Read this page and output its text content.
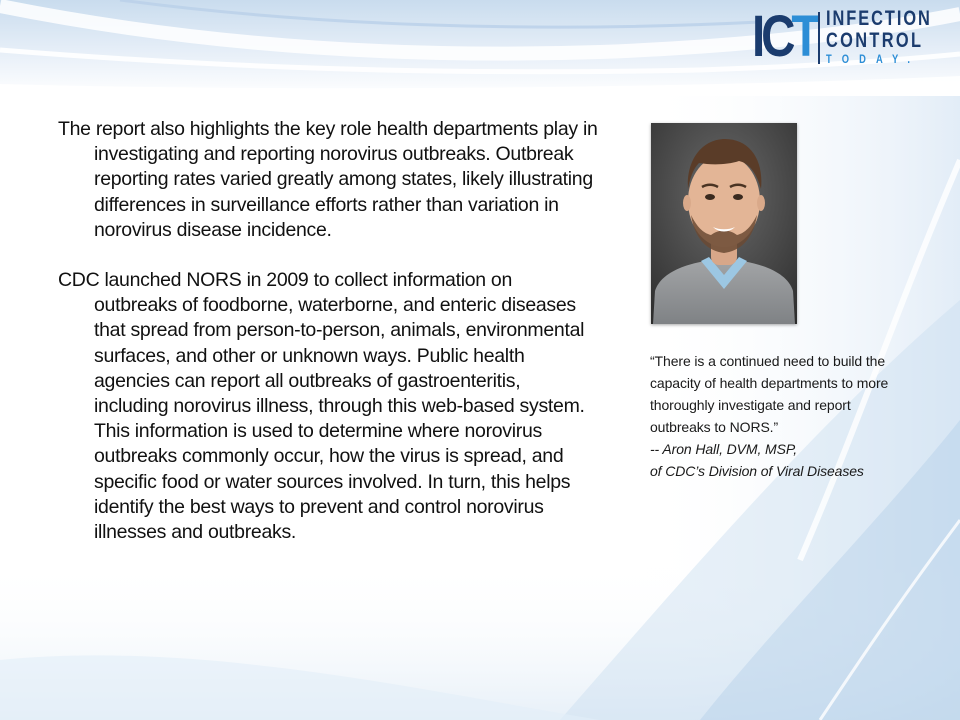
ICT INFECTION
CONTROL
TODAY.

The report also highlights the key role health departments play in investigating and reporting norovirus outbreaks. Outbreak reporting rates varied greatly among states, likely illustrating differences in surveillance efforts rather than variation in norovirus disease incidence.

CDC launched NORS in 2009 to collect information on outbreaks of foodborne, waterborne, and enteric diseases that spread from person-to-person, animals, environmental surfaces, and other or unknown ways. Public health agencies can report all outbreaks of gastroenteritis, including norovirus illness, through this web-based system. This information is used to determine where norovirus outbreaks commonly occur, how the virus is spread, and specific food or water sources involved. In turn, this helps identify the best ways to prevent and control norovirus illnesses and outbreaks.

“There is a continued need to build the capacity of health departments to more thoroughly investigate and report outbreaks to NORS.”
-- Aron Hall, DVM, MSP,
of CDC’s Division of Viral Diseases
